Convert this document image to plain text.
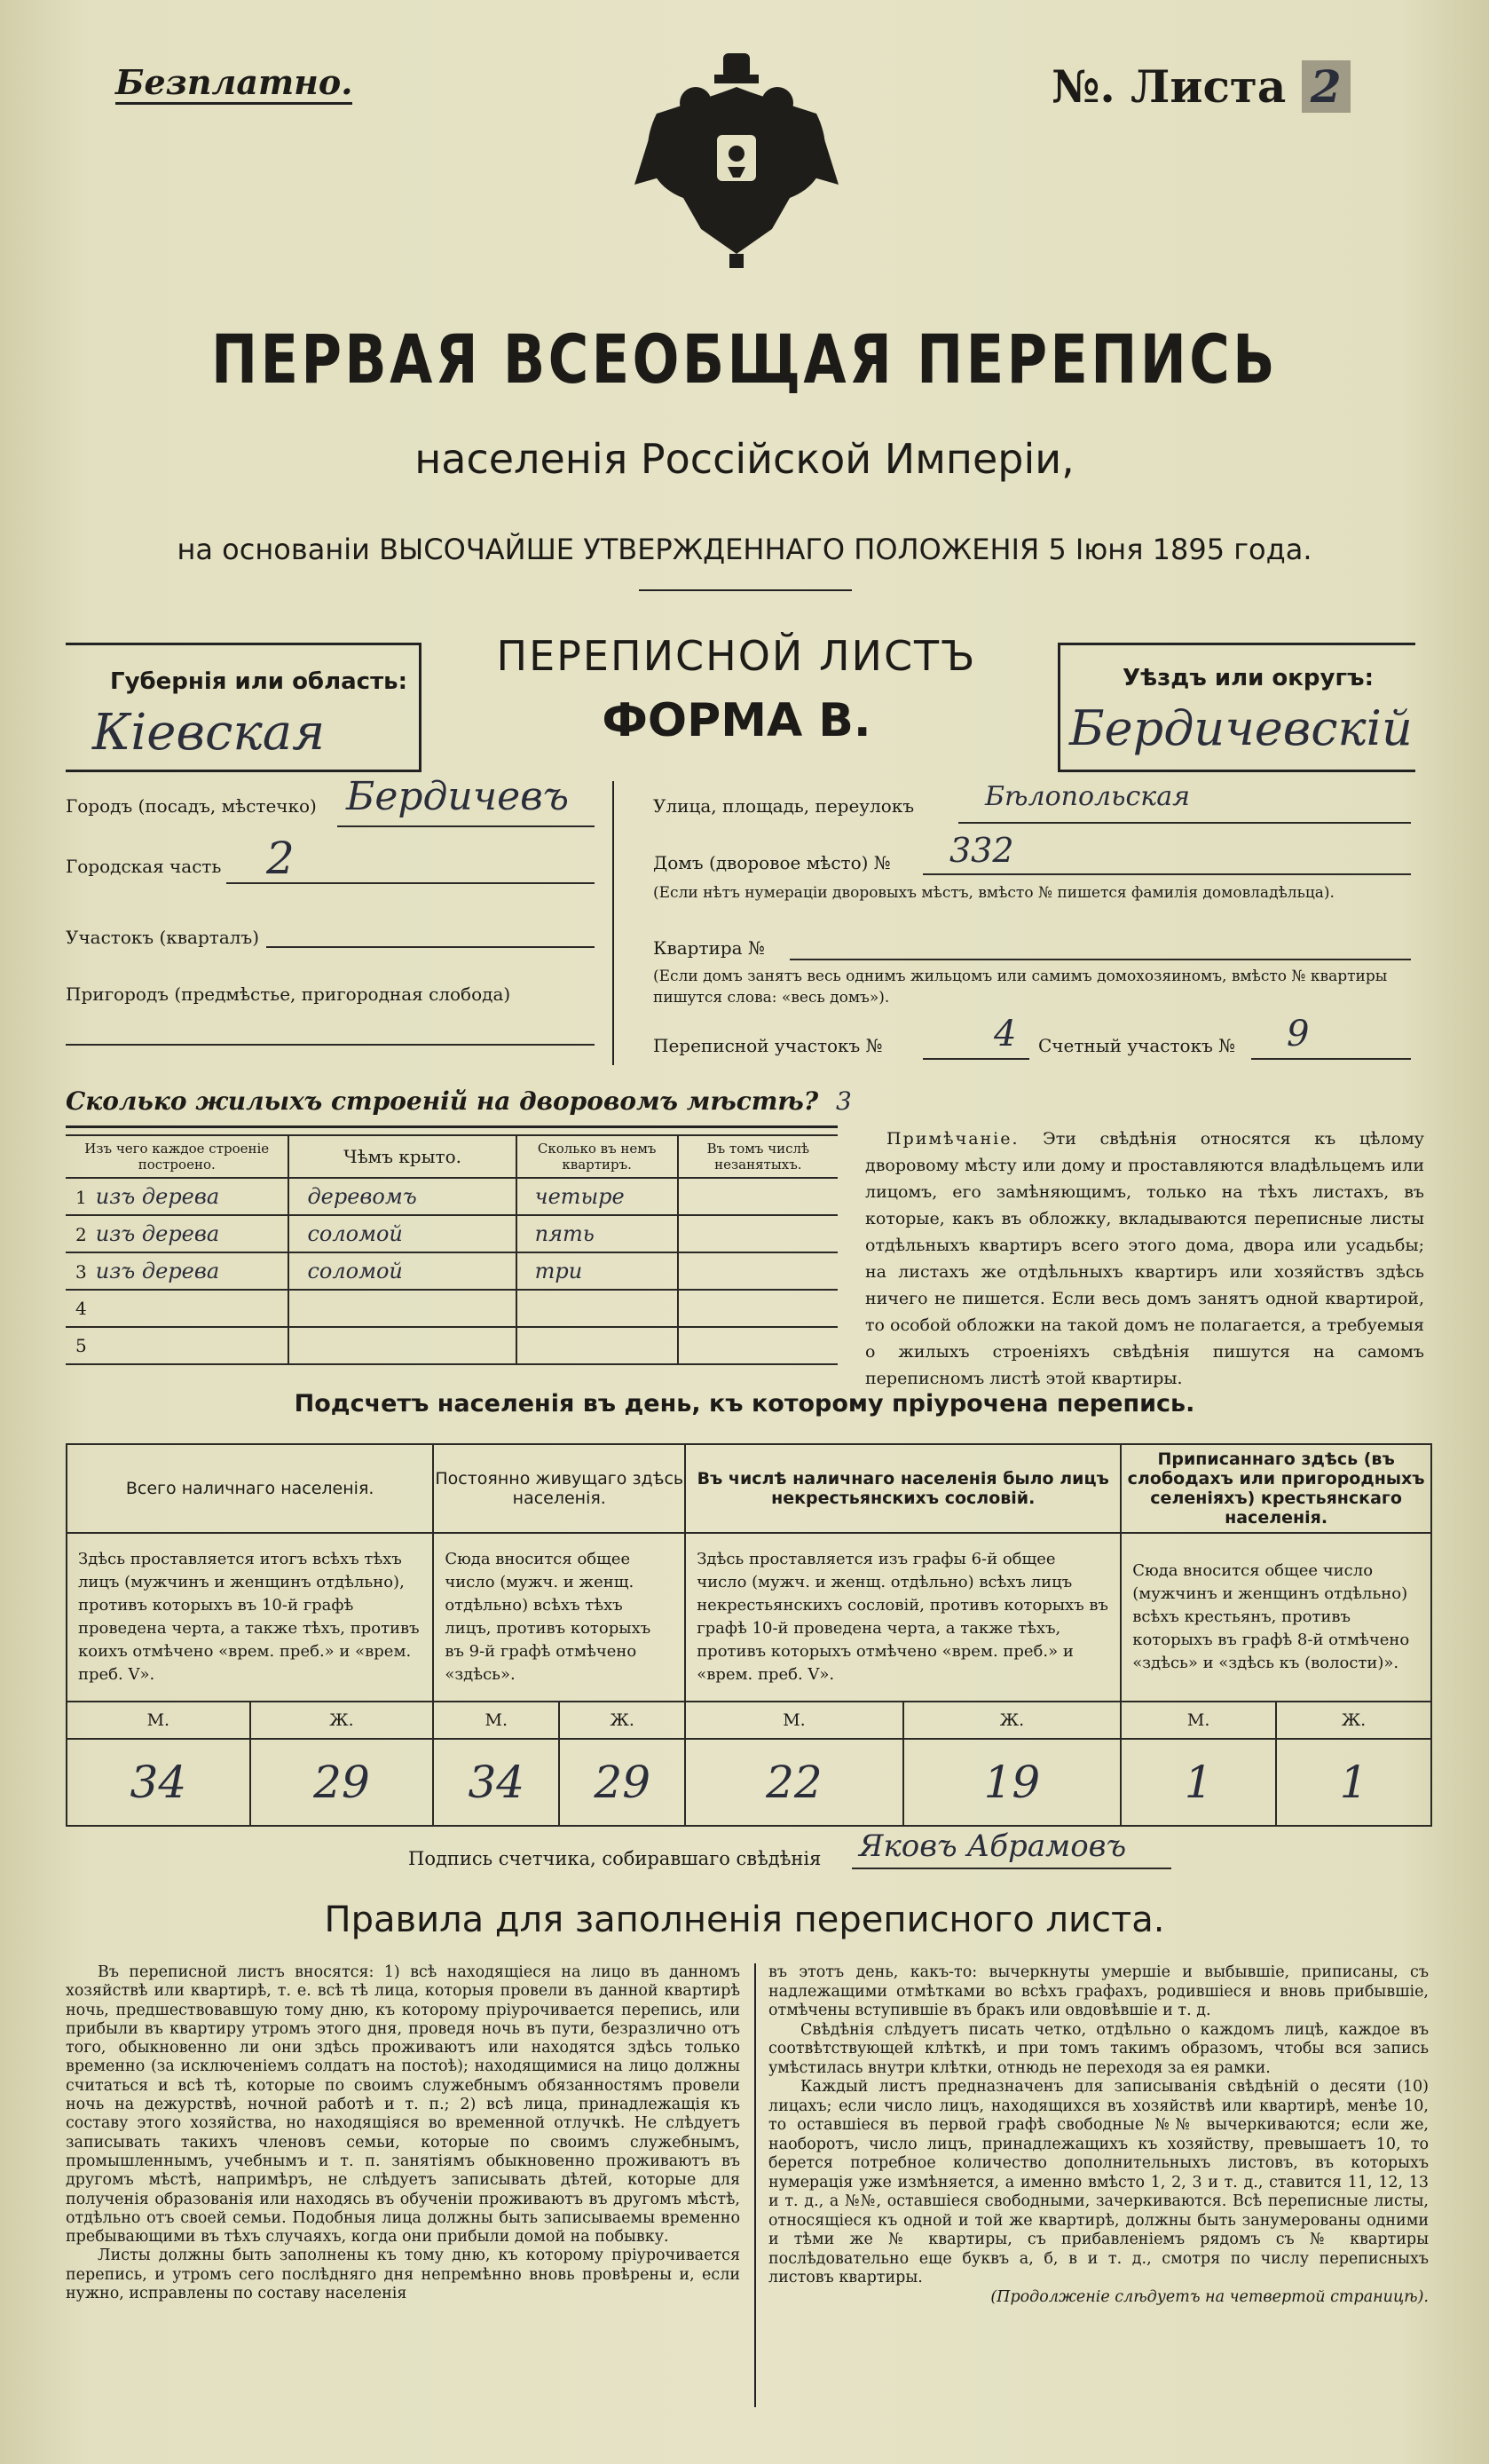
Безплатно.	№. Листа 2
ПЕРВАЯ ВСЕОБЩАЯ ПЕРЕПИСЬ
населенія Россійской Имперіи,
на основаніи ВЫСОЧАЙШЕ УТВЕРЖДЕННАГО ПОЛОЖЕНІЯ 5 Іюня 1895 года.
Губернія или область:
Кіевская
ПЕРЕПИСНОЙ ЛИСТЪ
ФОРМА В.
Уѣздъ или округъ:
Бердичевскій
Городъ (посадъ, мѣстечко) Бердичевъ
Городская часть 2
Участокъ (кварталъ)
Пригородъ (предмѣстье, пригородная слобода)
Улица, площадь, переулокъ	Бѣлопольская
Домъ (дворовое мѣсто) № 332
(Если нѣтъ нумераціи дворовыхъ мѣстъ, вмѣсто № пишется фамилія домовладѣльца).
Квартира №
(Если домъ занятъ весь однимъ жильцомъ или самимъ домохозяиномъ, вмѣсто № квартиры пишутся слова: «весь домъ»).
Переписной участокъ №	4 Счетный участокъ № 9
Сколько жилыхъ строеній на дворовомъ мѣстѣ? 3
Изъ чего каждое строеніе построено.	Чѣмъ крыто.	Сколько въ немъ квартиръ.	Въ томъ числѣ незанятыхъ.
1 изъ дерева	деревомъ	четыре	
2 изъ дерева	соломой	пять	
3 изъ дерева	соломой	три	
4			
5			
Примѣчаніе. Эти свѣдѣнія относятся къ цѣлому дворовому мѣсту или дому и проставляются владѣльцемъ или лицомъ, его замѣняющимъ, только на тѣхъ листахъ, въ которые, какъ въ обложку, вкладываются переписные листы отдѣльныхъ квартиръ всего этого дома, двора или усадьбы; на листахъ же отдѣльныхъ квартиръ или хозяйствъ здѣсь ничего не пишется. Если весь домъ занятъ одной квартирой, то особой обложки на такой домъ не полагается, а требуемыя о жилыхъ строеніяхъ свѣдѣнія пишутся на самомъ переписномъ листѣ этой квартиры.
Подсчетъ населенія въ день, къ которому пріурочена перепись.
Всего наличнаго населенія.		Постоянно живущаго здѣсь населенія.		Въ числѣ наличнаго населенія было лицъ некрестьянскихъ сословій.		Приписаннаго здѣсь (въ слободахъ или пригородныхъ селеніяхъ) крестьянскаго населенія.	
Здѣсь проставляется итогъ всѣхъ тѣхъ лицъ (мужчинъ и женщинъ отдѣльно), противъ которыхъ въ 10-й графѣ проведена черта, а также тѣхъ, противъ коихъ отмѣчено «врем. преб.» и «врем. преб. V».		Сюда вносится общее число (мужч. и женщ. отдѣльно) всѣхъ тѣхъ лицъ, противъ которыхъ въ 9-й графѣ отмѣчено «здѣсь».		Здѣсь проставляется изъ графы 6-й общее число (мужч. и женщ. отдѣльно) всѣхъ лицъ некрестьянскихъ сословій, противъ которыхъ въ графѣ 10-й проведена черта, а также тѣхъ, противъ которыхъ отмѣчено «врем. преб.» и «врем. преб. V».		Сюда вносится общее число (мужчинъ и женщинъ отдѣльно) всѣхъ крестьянъ, противъ которыхъ въ графѣ 8-й отмѣчено «здѣсь» и «здѣсь къ (волости)».	
М.	Ж.	М.	Ж.	М.	Ж.	М.	Ж.
34	29	34	29	22	19	1	1
Подпись счетчика, собиравшаго свѣдѣнія Яковъ Абрамовъ
Правила для заполненія переписного листа.

Въ переписной листъ вносятся: 1) всѣ находящіеся на лицо въ данномъ хозяйствѣ или квартирѣ, т. е. всѣ тѣ лица, которыя провели въ данной квартирѣ ночь, предшествовавшую тому дню, къ которому пріурочивается перепись, или прибыли въ квартиру утромъ этого дня, проведя ночь въ пути, безразлично отъ того, обыкновенно ли они здѣсь проживаютъ или находятся здѣсь только временно (за исключеніемъ солдатъ на постоѣ); находящимися на лицо должны считаться и всѣ тѣ, которые по своимъ служебнымъ обязанностямъ провели ночь на дежурствѣ, ночной работѣ и т. п.; 2) всѣ лица, принадлежащія къ составу этого хозяйства, но находящіяся во временной отлучкѣ. Не слѣдуетъ записывать такихъ членовъ семьи, которые по своимъ служебнымъ, промышленнымъ, учебнымъ и т. п. занятіямъ обыкновенно проживаютъ въ другомъ мѣстѣ, напримѣръ, не слѣдуетъ записывать дѣтей, которые для полученія образованія или находясь въ обученіи проживаютъ въ другомъ мѣстѣ, отдѣльно отъ своей семьи. Подобныя лица должны быть записываемы временно пребывающими въ тѣхъ случаяхъ, когда они прибыли домой на побывку.

Листы должны быть заполнены къ тому дню, къ которому пріурочивается перепись, и утромъ сего послѣдняго дня непремѣнно вновь провѣрены и, если нужно, исправлены по составу населенія

въ этотъ день, какъ-то: вычеркнуты умершіе и выбывшіе, приписаны, съ надлежащими отмѣтками во всѣхъ графахъ, родившіеся и вновь прибывшіе, отмѣчены вступившіе въ бракъ или овдовѣвшіе и т. д.

Свѣдѣнія слѣдуетъ писать четко, отдѣльно о каждомъ лицѣ, каждое въ соотвѣтствующей клѣткѣ, и при томъ такимъ образомъ, чтобы вся запись умѣстилась внутри клѣтки, отнюдь не переходя за ея рамки.

Каждый листъ предназначенъ для записыванія свѣдѣній о десяти (10) лицахъ; если число лицъ, находящихся въ хозяйствѣ или квартирѣ, менѣе 10, то оставшіеся въ первой графѣ свободные №№ вычеркиваются; если же, наоборотъ, число лицъ, принадлежащихъ къ хозяйству, превышаетъ 10, то берется потребное количество дополнительныхъ листовъ, въ которыхъ нумерація уже измѣняется, а именно вмѣсто 1, 2, 3 и т. д., ставится 11, 12, 13 и т. д., а №№, оставшіеся свободными, зачеркиваются. Всѣ переписные листы, относящіеся къ одной и той же квартирѣ, должны быть занумерованы одними и тѣми же № квартиры, съ прибавленіемъ рядомъ съ № квартиры послѣдовательно еще буквъ а, б, в и т. д., смотря по числу переписныхъ листовъ квартиры.

(Продолженіе слѣдуетъ на четвертой страницѣ).
